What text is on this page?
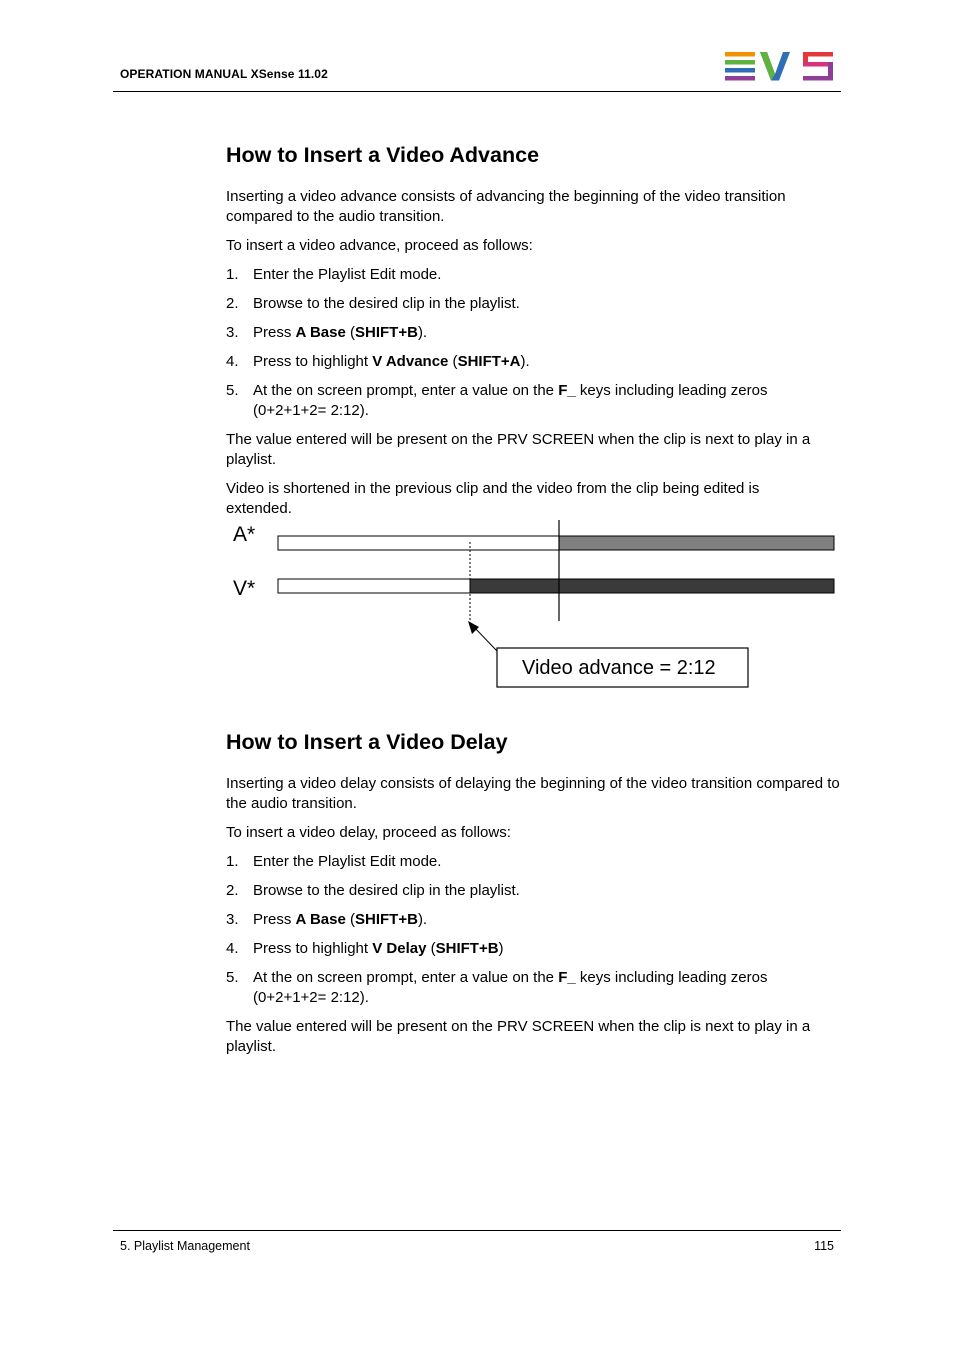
OPERATION MANUAL XSense 11.02
How to Insert a Video Advance

Inserting a video advance consists of advancing the beginning of the video transition compared to the audio transition.

To insert a video advance, proceed as follows:

1. Enter the Playlist Edit mode.
2. Browse to the desired clip in the playlist.
3. Press A Base (SHIFT+B).
4. Press to highlight V Advance (SHIFT+A).
5. At the on screen prompt, enter a value on the F_ keys including leading zeros (0+2+1+2= 2:12).

The value entered will be present on the PRV SCREEN when the clip is next to play in a playlist.

Video is shortened in the previous clip and the video from the clip being edited is extended.

A*
V*
Video advance = 2:12
How to Insert a Video Delay

Inserting a video delay consists of delaying the beginning of the video transition compared to the audio transition.

To insert a video delay, proceed as follows:

1. Enter the Playlist Edit mode.
2. Browse to the desired clip in the playlist.
3. Press A Base (SHIFT+B).
4. Press to highlight V Delay (SHIFT+B)
5. At the on screen prompt, enter a value on the F_ keys including leading zeros (0+2+1+2= 2:12).

The value entered will be present on the PRV SCREEN when the clip is next to play in a playlist.

5. Playlist Management	115
